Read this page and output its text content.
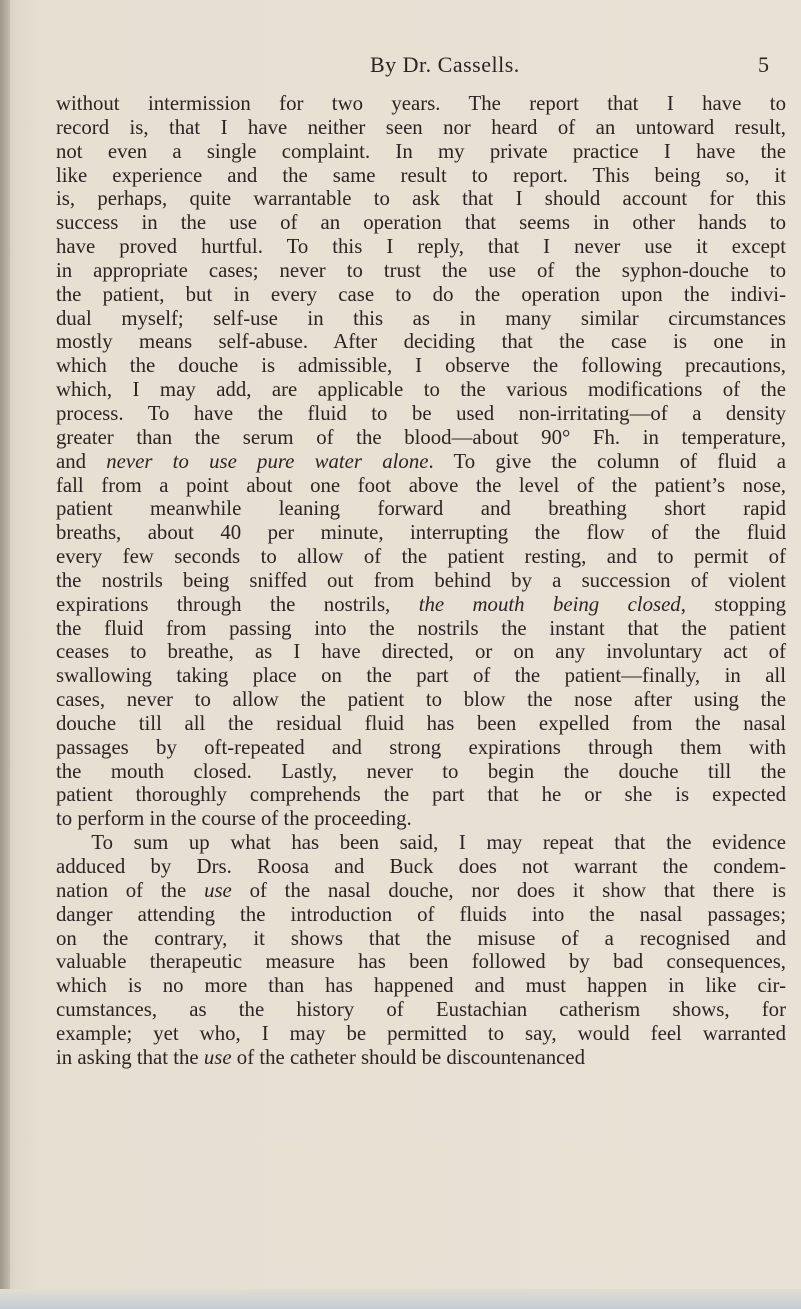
By Dr. Cassells.	5

without intermission for two years. The report that I have to
record is, that I have neither seen nor heard of an untoward result,
not even a single complaint. In my private practice I have the
like experience and the same result to report. This being so, it
is, perhaps, quite warrantable to ask that I should account for this
success in the use of an operation that seems in other hands to
have proved hurtful. To this I reply, that I never use it except
in appropriate cases; never to trust the use of the syphon-douche to
the patient, but in every case to do the operation upon the indivi-
dual myself; self-use in this as in many similar circumstances
mostly means self-abuse. After deciding that the case is one in
which the douche is admissible, I observe the following precautions,
which, I may add, are applicable to the various modifications of the
process. To have the fluid to be used non-irritating—of a density
greater than the serum of the blood—about 90° Fh. in temperature,
and never to use pure water alone. To give the column of fluid a
fall from a point about one foot above the level of the patient’s nose,
patient meanwhile leaning forward and breathing short rapid
breaths, about 40 per minute, interrupting the flow of the fluid
every few seconds to allow of the patient resting, and to permit of
the nostrils being sniffed out from behind by a succession of violent
expirations through the nostrils, the mouth being closed, stopping
the fluid from passing into the nostrils the instant that the patient
ceases to breathe, as I have directed, or on any involuntary act of
swallowing taking place on the part of the patient—finally, in all
cases, never to allow the patient to blow the nose after using the
douche till all the residual fluid has been expelled from the nasal
passages by oft-repeated and strong expirations through them with
the mouth closed. Lastly, never to begin the douche till the
patient thoroughly comprehends the part that he or she is expected
to perform in the course of the proceeding.

To sum up what has been said, I may repeat that the evidence
adduced by Drs. Roosa and Buck does not warrant the condem-
nation of the use of the nasal douche, nor does it show that there is
danger attending the introduction of fluids into the nasal passages;
on the contrary, it shows that the misuse of a recognised and
valuable therapeutic measure has been followed by bad consequences,
which is no more than has happened and must happen in like cir-
cumstances, as the history of Eustachian catherism shows, for
example; yet who, I may be permitted to say, would feel warranted
in asking that the use of the catheter should be discountenanced
